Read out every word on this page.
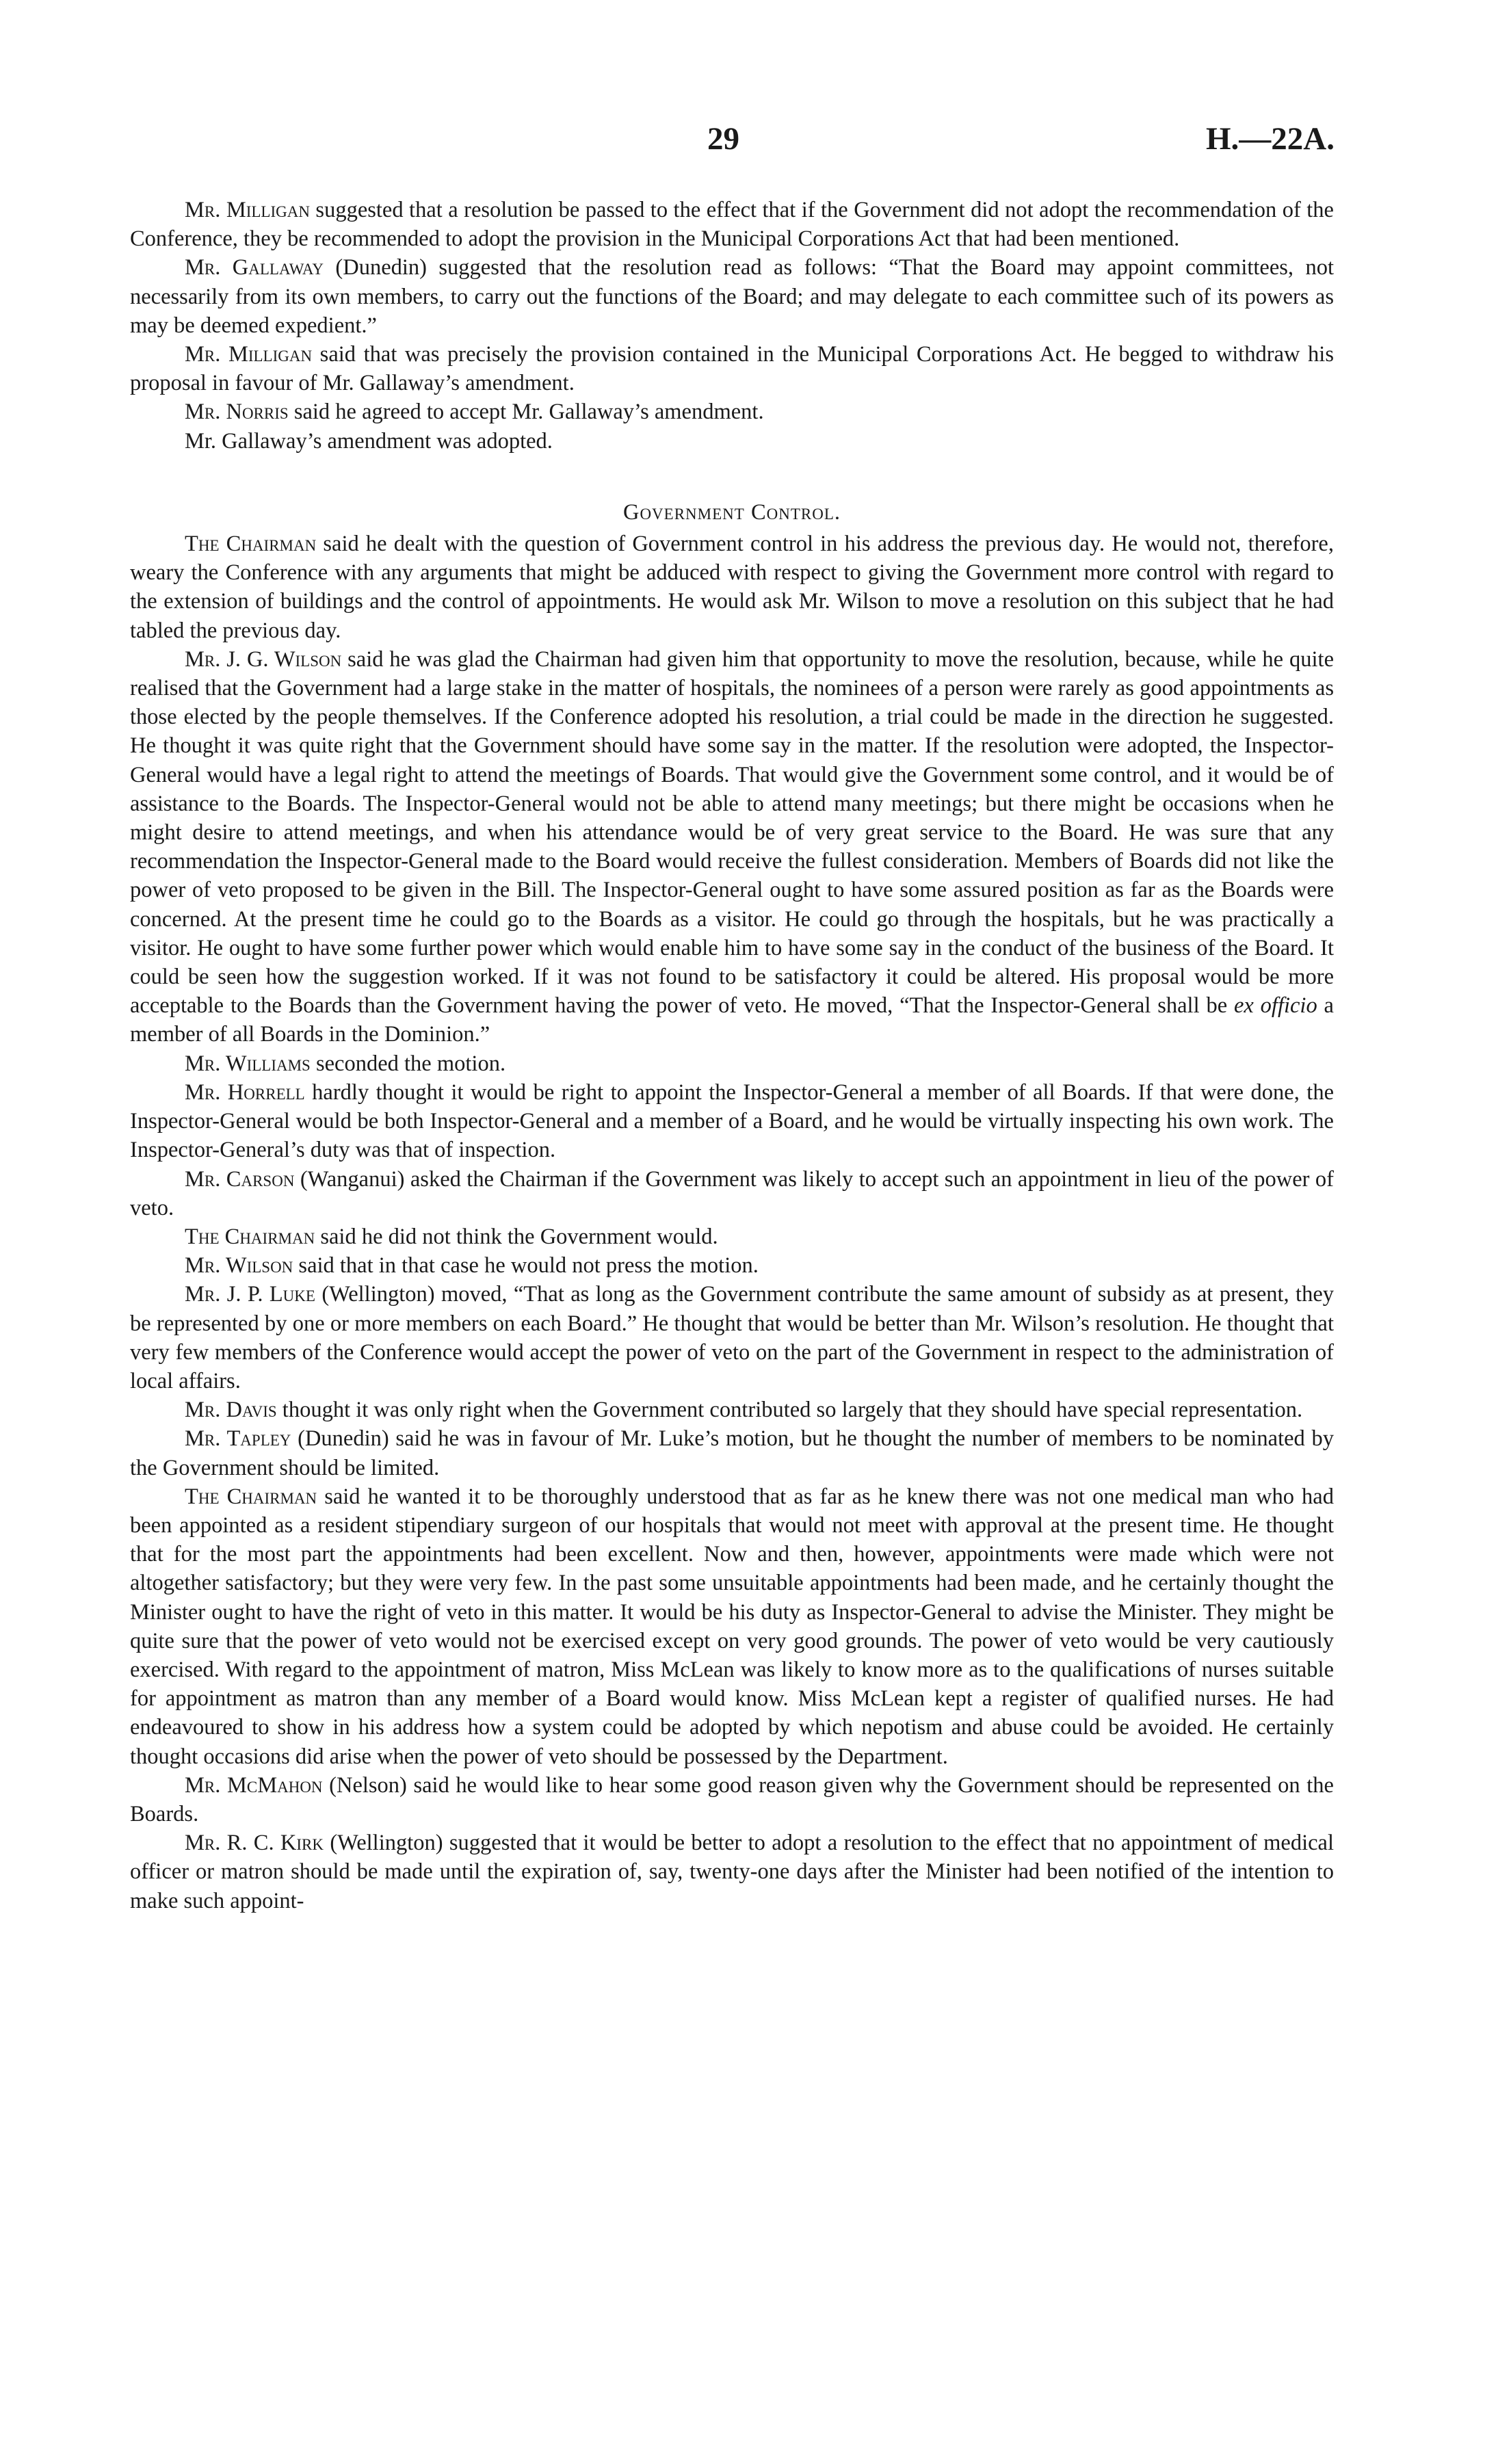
29	H.—22A.

Mr. Milligan suggested that a resolution be passed to the effect that if the Government did not adopt the recommendation of the Conference, they be recommended to adopt the provision in the Municipal Corporations Act that had been mentioned.

Mr. Gallaway (Dunedin) suggested that the resolution read as follows: “That the Board may appoint committees, not necessarily from its own members, to carry out the functions of the Board; and may delegate to each committee such of its powers as may be deemed expedient.”

Mr. Milligan said that was precisely the provision contained in the Municipal Corporations Act. He begged to withdraw his proposal in favour of Mr. Gallaway’s amendment.

Mr. Norris said he agreed to accept Mr. Gallaway’s amendment.

Mr. Gallaway’s amendment was adopted.

Government Control.

The Chairman said he dealt with the question of Government control in his address the previous day. He would not, therefore, weary the Conference with any arguments that might be adduced with respect to giving the Government more control with regard to the extension of buildings and the control of appointments. He would ask Mr. Wilson to move a resolution on this subject that he had tabled the previous day.

Mr. J. G. Wilson said he was glad the Chairman had given him that opportunity to move the resolution, because, while he quite realised that the Government had a large stake in the matter of hospitals, the nominees of a person were rarely as good appointments as those elected by the people themselves. If the Conference adopted his resolution, a trial could be made in the direction he suggested. He thought it was quite right that the Government should have some say in the matter. If the resolution were adopted, the Inspector-General would have a legal right to attend the meetings of Boards. That would give the Government some control, and it would be of assistance to the Boards. The Inspector-General would not be able to attend many meetings; but there might be occasions when he might desire to attend meetings, and when his attendance would be of very great service to the Board. He was sure that any recommendation the Inspector-General made to the Board would receive the fullest consideration. Members of Boards did not like the power of veto proposed to be given in the Bill. The Inspector-General ought to have some assured position as far as the Boards were concerned. At the present time he could go to the Boards as a visitor. He could go through the hospitals, but he was practically a visitor. He ought to have some further power which would enable him to have some say in the conduct of the business of the Board. It could be seen how the suggestion worked. If it was not found to be satisfactory it could be altered. His proposal would be more acceptable to the Boards than the Government having the power of veto. He moved, “That the Inspector-General shall be ex officio a member of all Boards in the Dominion.”

Mr. Williams seconded the motion.

Mr. Horrell hardly thought it would be right to appoint the Inspector-General a member of all Boards. If that were done, the Inspector-General would be both Inspector-General and a member of a Board, and he would be virtually inspecting his own work. The Inspector-General’s duty was that of inspection.

Mr. Carson (Wanganui) asked the Chairman if the Government was likely to accept such an appointment in lieu of the power of veto.

The Chairman said he did not think the Government would.

Mr. Wilson said that in that case he would not press the motion.

Mr. J. P. Luke (Wellington) moved, “That as long as the Government contribute the same amount of subsidy as at present, they be represented by one or more members on each Board.” He thought that would be better than Mr. Wilson’s resolution. He thought that very few members of the Conference would accept the power of veto on the part of the Government in respect to the administration of local affairs.

Mr. Davis thought it was only right when the Government contributed so largely that they should have special representation.

Mr. Tapley (Dunedin) said he was in favour of Mr. Luke’s motion, but he thought the number of members to be nominated by the Government should be limited.

The Chairman said he wanted it to be thoroughly understood that as far as he knew there was not one medical man who had been appointed as a resident stipendiary surgeon of our hospitals that would not meet with approval at the present time. He thought that for the most part the appointments had been excellent. Now and then, however, appointments were made which were not altogether satisfactory; but they were very few. In the past some unsuitable appointments had been made, and he certainly thought the Minister ought to have the right of veto in this matter. It would be his duty as Inspector-General to advise the Minister. They might be quite sure that the power of veto would not be exercised except on very good grounds. The power of veto would be very cautiously exercised. With regard to the appointment of matron, Miss McLean was likely to know more as to the qualifications of nurses suitable for appointment as matron than any member of a Board would know. Miss McLean kept a register of qualified nurses. He had endeavoured to show in his address how a system could be adopted by which nepotism and abuse could be avoided. He certainly thought occasions did arise when the power of veto should be possessed by the Department.

Mr. McMahon (Nelson) said he would like to hear some good reason given why the Government should be represented on the Boards.

Mr. R. C. Kirk (Wellington) suggested that it would be better to adopt a resolution to the effect that no appointment of medical officer or matron should be made until the expiration of, say, twenty-one days after the Minister had been notified of the intention to make such appoint-
